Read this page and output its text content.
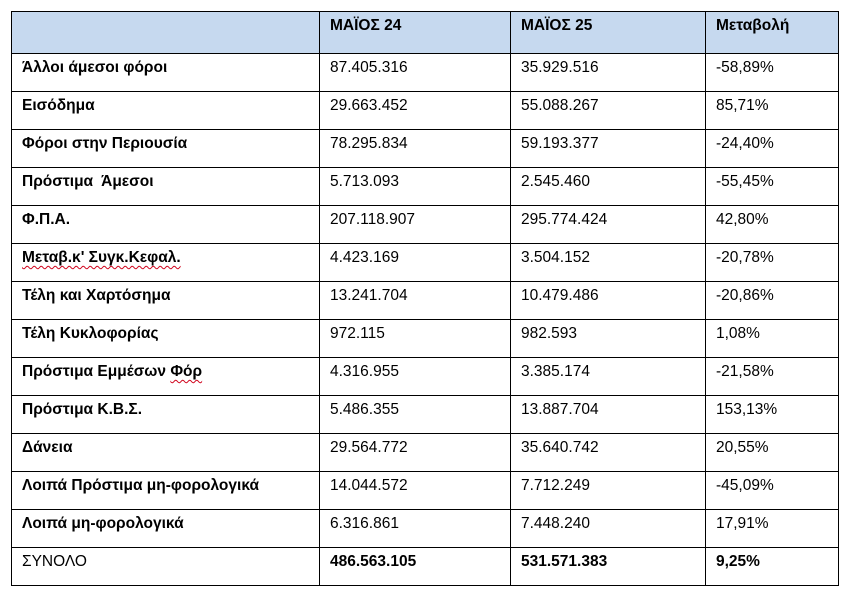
	ΜΑΪΟΣ 24	ΜΑΪΟΣ 25	Μεταβολή
Άλλοι άμεσοι φόροι	87.405.316	35.929.516	-58,89%
Εισόδημα	29.663.452	55.088.267	85,71%
Φόροι στην Περιουσία	78.295.834	59.193.377	-24,40%
Πρόστιμα  Άμεσοι	5.713.093	2.545.460	-55,45%
Φ.Π.Α.	207.118.907	295.774.424	42,80%
Μεταβ.κ' Συγκ.Κεφαλ.	4.423.169	3.504.152	-20,78%
Τέλη και Χαρτόσημα	13.241.704	10.479.486	-20,86%
Τέλη Κυκλοφορίας	972.115	982.593	1,08%
Πρόστιμα Εμμέσων Φόρ	4.316.955	3.385.174	-21,58%
Πρόστιμα Κ.Β.Σ.	5.486.355	13.887.704	153,13%
Δάνεια	29.564.772	35.640.742	20,55%
Λοιπά Πρόστιμα μη-φορολογικά	14.044.572	7.712.249	-45,09%
Λοιπά μη-φορολογικά	6.316.861	7.448.240	17,91%
ΣΥΝΟΛΟ	486.563.105	531.571.383	9,25%
